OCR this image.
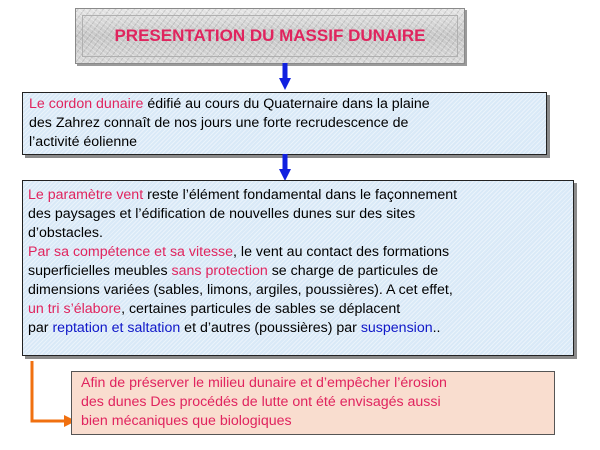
PRESENTATION DU MASSIF DUNAIRE
Le cordon dunaire édifié au cours du Quaternaire dans la plaine
des Zahrez connaît de nos jours une forte recrudescence de
l’activité éolienne
Le paramètre vent reste l’élément fondamental dans le façonnement
des paysages et l’édification de nouvelles dunes sur des sites
d’obstacles.
Par sa compétence et sa vitesse, le vent au contact des formations
superficielles meubles sans protection se charge de particules de
dimensions variées (sables, limons, argiles, poussières). A cet effet,
un tri s’élabore, certaines particules de sables se déplacent
par reptation et saltation et d’autres (poussières) par suspension..
Afin de préserver le milieu dunaire et d’empêcher l’érosion
des dunes Des procédés de lutte ont été envisagés aussi
bien mécaniques que biologiques
